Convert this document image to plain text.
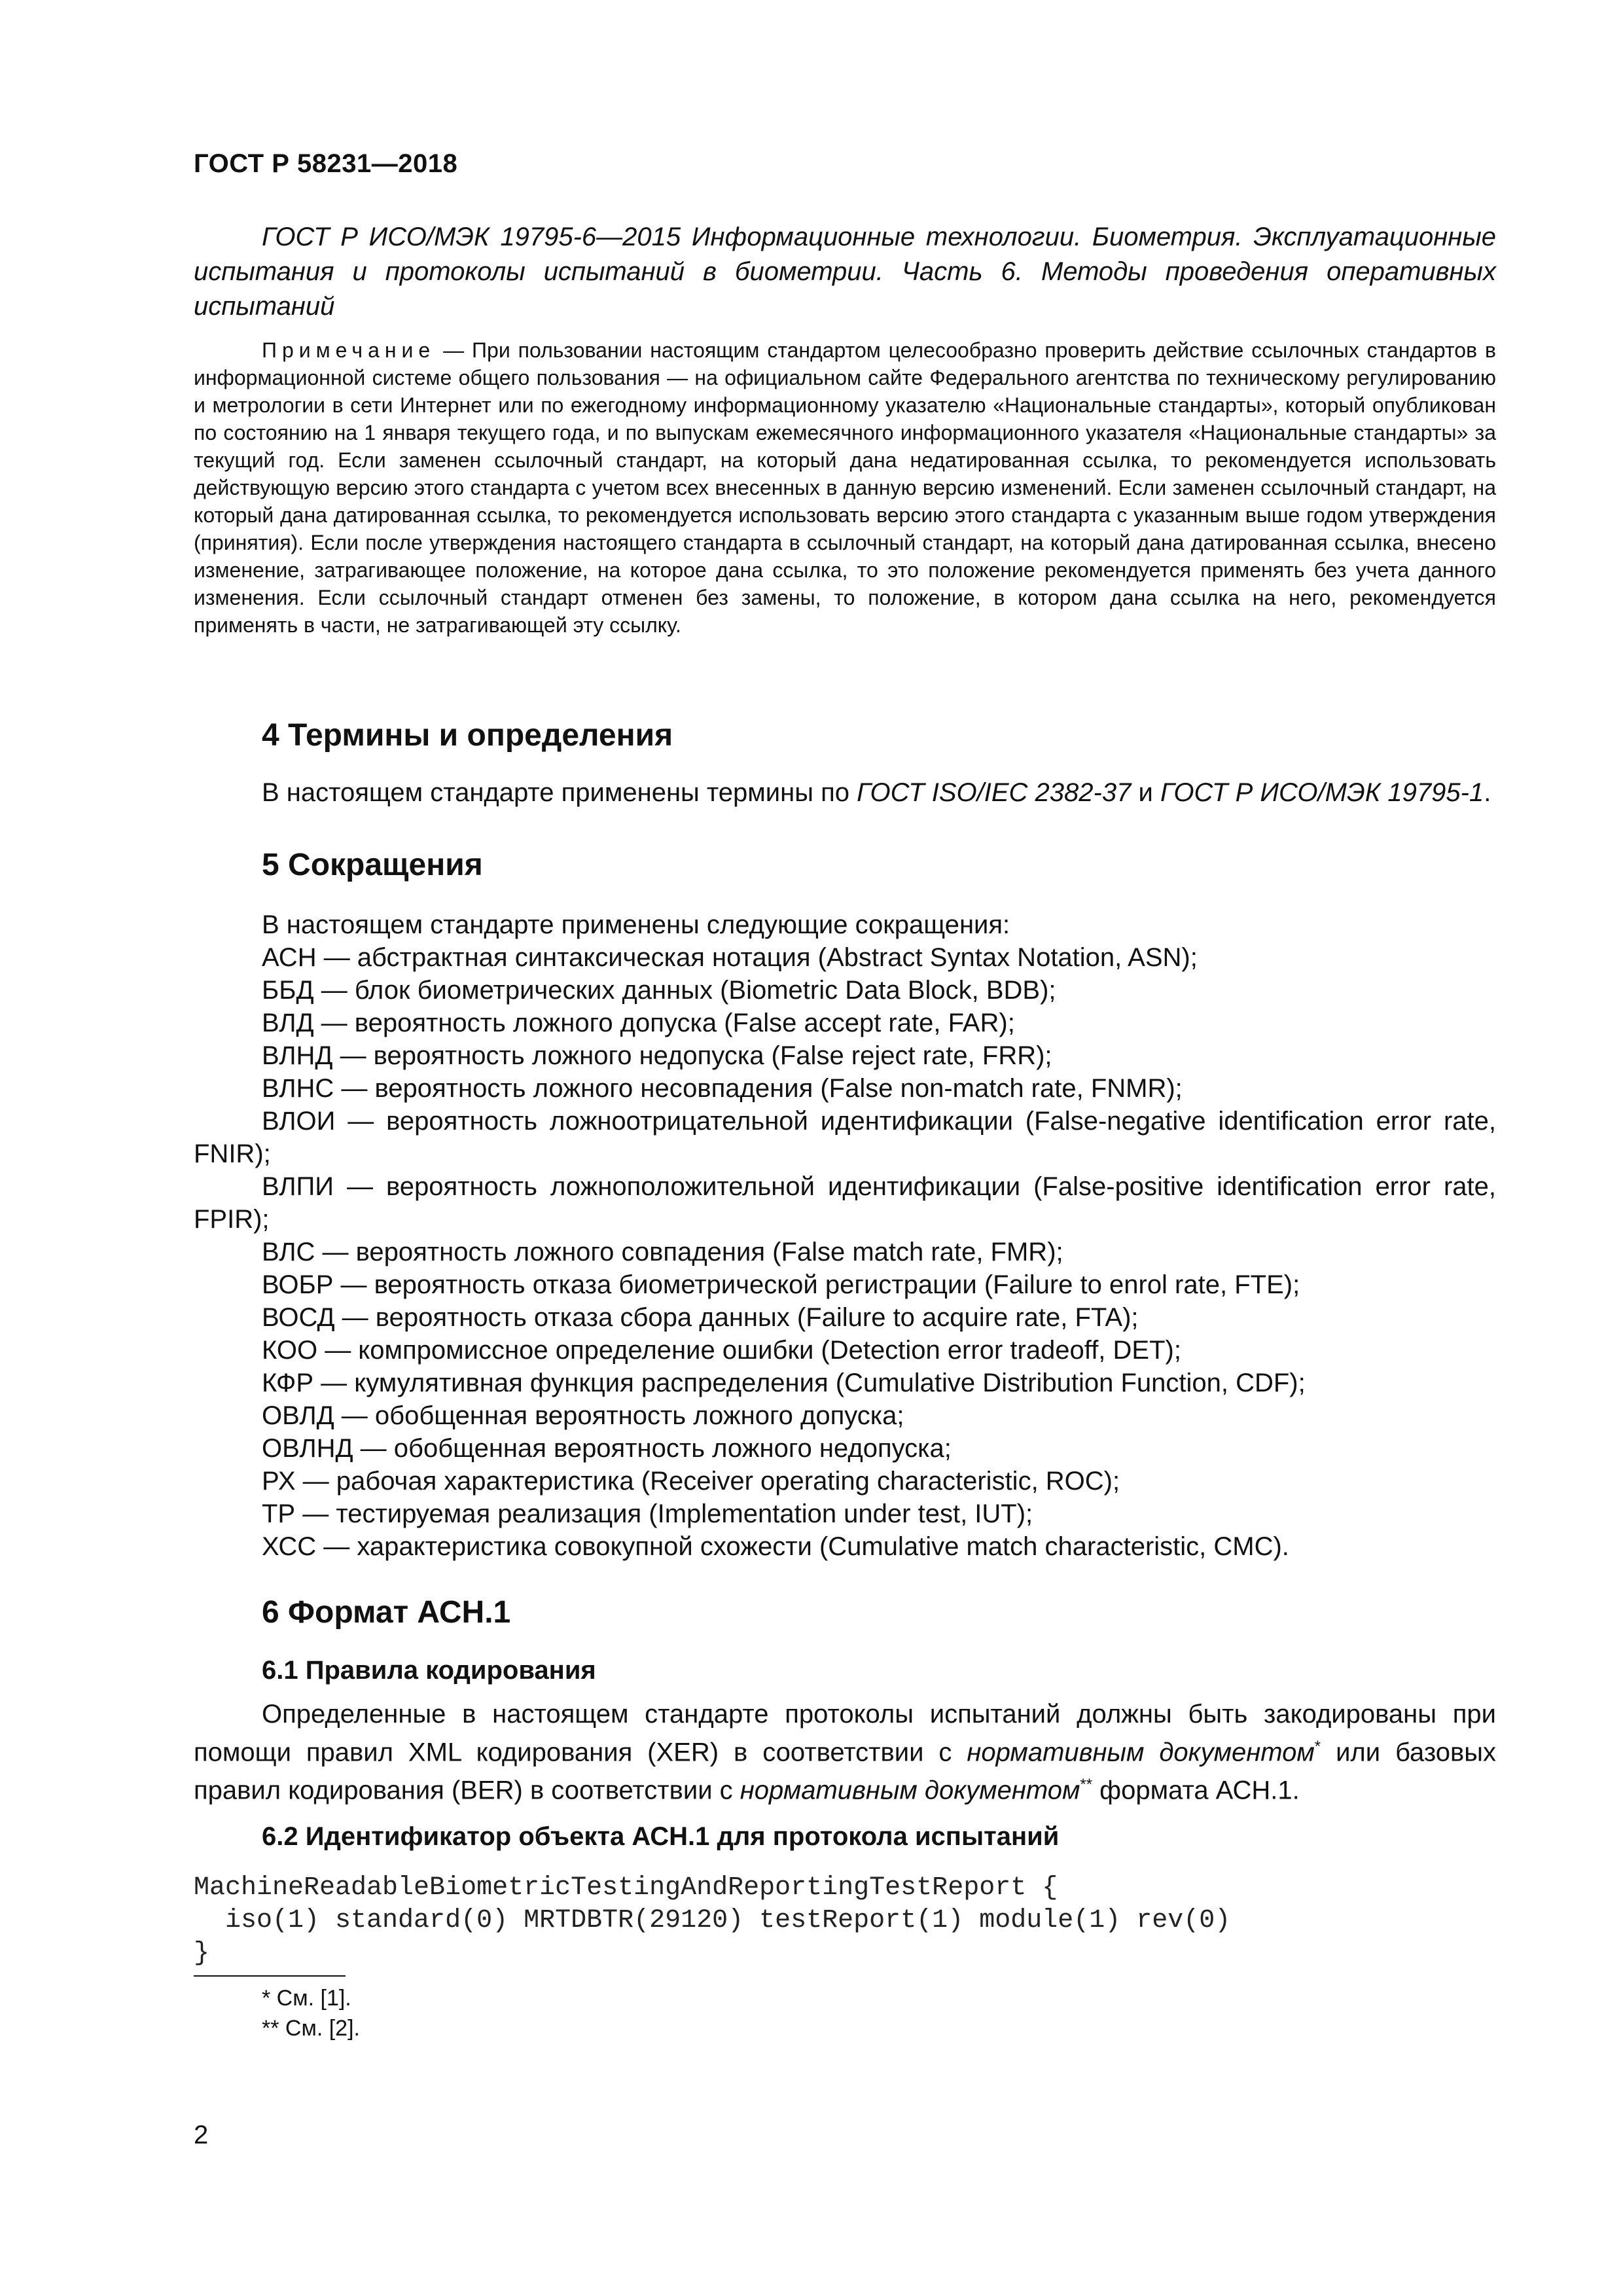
ГОСТ Р 58231—2018
ГОСТ Р ИСО/МЭК 19795-6—2015 Информационные технологии. Биометрия. Эксплуатационные испытания и протоколы испытаний в биометрии. Часть 6. Методы проведения оперативных испытаний
Примечание — При пользовании настоящим стандартом целесообразно проверить действие ссылочных стандартов в информационной системе общего пользования — на официальном сайте Федерального агентства по техническому регулированию и метрологии в сети Интернет или по ежегодному информационному указателю «Национальные стандарты», который опубликован по состоянию на 1 января текущего года, и по выпускам ежемесячного информационного указателя «Национальные стандарты» за текущий год. Если заменен ссылочный стандарт, на который дана недатированная ссылка, то рекомендуется использовать действующую версию этого стандарта с учетом всех внесенных в данную версию изменений. Если заменен ссылочный стандарт, на который дана датированная ссылка, то рекомендуется использовать версию этого стандарта с указанным выше годом утверждения (принятия). Если после утверждения настоящего стандарта в ссылочный стандарт, на который дана датированная ссылка, внесено изменение, затрагивающее положение, на которое дана ссылка, то это положение рекомендуется применять без учета данного изменения. Если ссылочный стандарт отменен без замены, то положение, в котором дана ссылка на него, рекомендуется применять в части, не затрагивающей эту ссылку.
4 Термины и определения
В настоящем стандарте применены термины по ГОСТ ISO/IEC 2382-37 и ГОСТ Р ИСО/МЭК 19795-1.
5 Сокращения
В настоящем стандарте применены следующие сокращения:
АСН — абстрактная синтаксическая нотация (Abstract Syntax Notation, ASN);
ББД — блок биометрических данных (Biometric Data Block, BDB);
ВЛД — вероятность ложного допуска (False accept rate, FAR);
ВЛНД — вероятность ложного недопуска (False reject rate, FRR);
ВЛНС — вероятность ложного несовпадения (False non-match rate, FNMR);
ВЛОИ — вероятность ложноотрицательной идентификации (False-negative identification error rate, FNIR);
ВЛПИ — вероятность ложноположительной идентификации (False-positive identification error rate, FPIR);
ВЛС — вероятность ложного совпадения (False match rate, FMR);
ВОБР — вероятность отказа биометрической регистрации (Failure to enrol rate, FTE);
ВОСД — вероятность отказа сбора данных (Failure to acquire rate, FTA);
КОО — компромиссное определение ошибки (Detection error tradeoff, DET);
КФР — кумулятивная функция распределения (Cumulative Distribution Function, CDF);
ОВЛД — обобщенная вероятность ложного допуска;
ОВЛНД — обобщенная вероятность ложного недопуска;
РХ — рабочая характеристика (Receiver operating characteristic, ROC);
ТР — тестируемая реализация (Implementation under test, IUT);
ХСС — характеристика совокупной схожести (Cumulative match characteristic, CMC).
6 Формат АСН.1
6.1 Правила кодирования
Определенные в настоящем стандарте протоколы испытаний должны быть закодированы при помощи правил XML кодирования (XER) в соответствии с нормативным документом* или базовых правил кодирования (BER) в соответствии с нормативным документом** формата АСН.1.
6.2 Идентификатор объекта АСН.1 для протокола испытаний
MachineReadableBiometricTestingAndReportingTestReport {
iso(1) standard(0) MRTDBTR(29120) testReport(1) module(1) rev(0)
}
* См. [1].
** См. [2].
2
